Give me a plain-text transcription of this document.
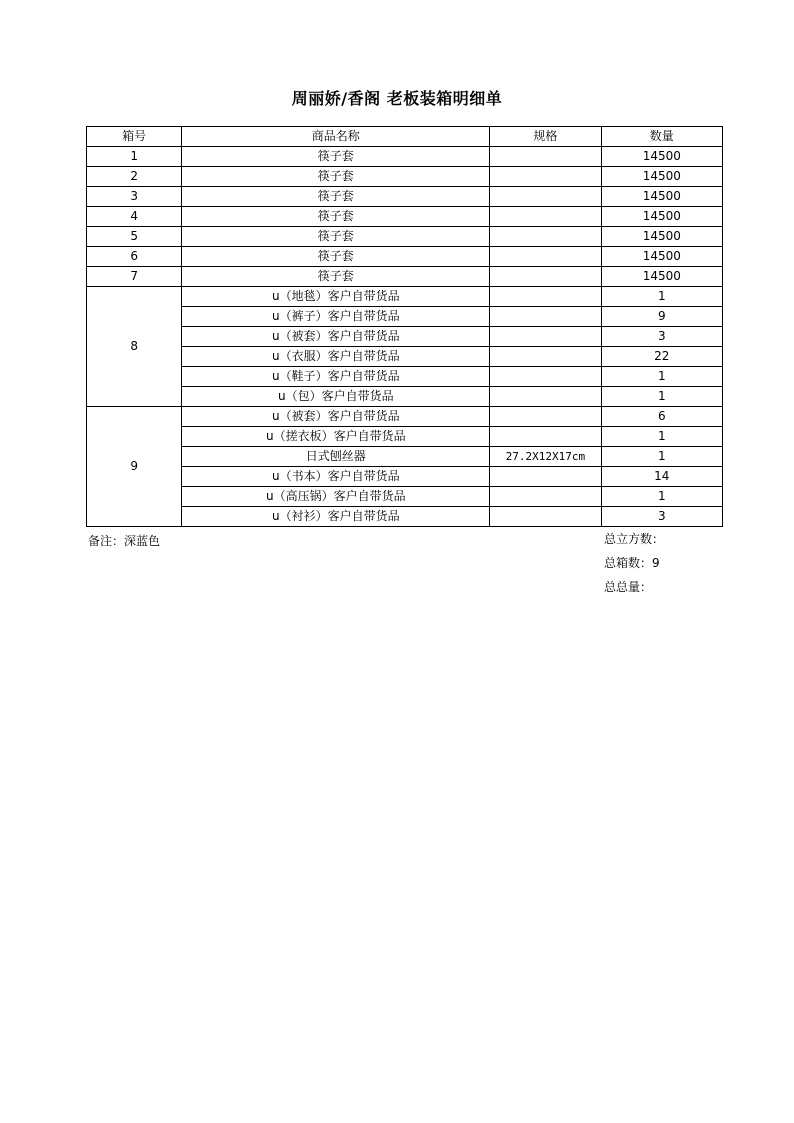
周丽娇/香阁 老板装箱明细单
箱号	商品名称	规格	数量
1	筷子套		14500
2	筷子套		14500
3	筷子套		14500
4	筷子套		14500
5	筷子套		14500
6	筷子套		14500
7	筷子套		14500
8	u（地毯）客户自带货品		1
	u（裤子）客户自带货品		9
	u（被套）客户自带货品		3
	u（衣服）客户自带货品		22
	u（鞋子）客户自带货品		1
	u（包）客户自带货品		1
9	u（被套）客户自带货品		6
	u（搓衣板）客户自带货品		1
	日式刨丝器	27.2X12X17cm	1
	u（书本）客户自带货品		14
	u（高压锅）客户自带货品		1
	u（衬衫）客户自带货品		3
备注：深蓝色	总立方数：
总箱数：9
总总量：
